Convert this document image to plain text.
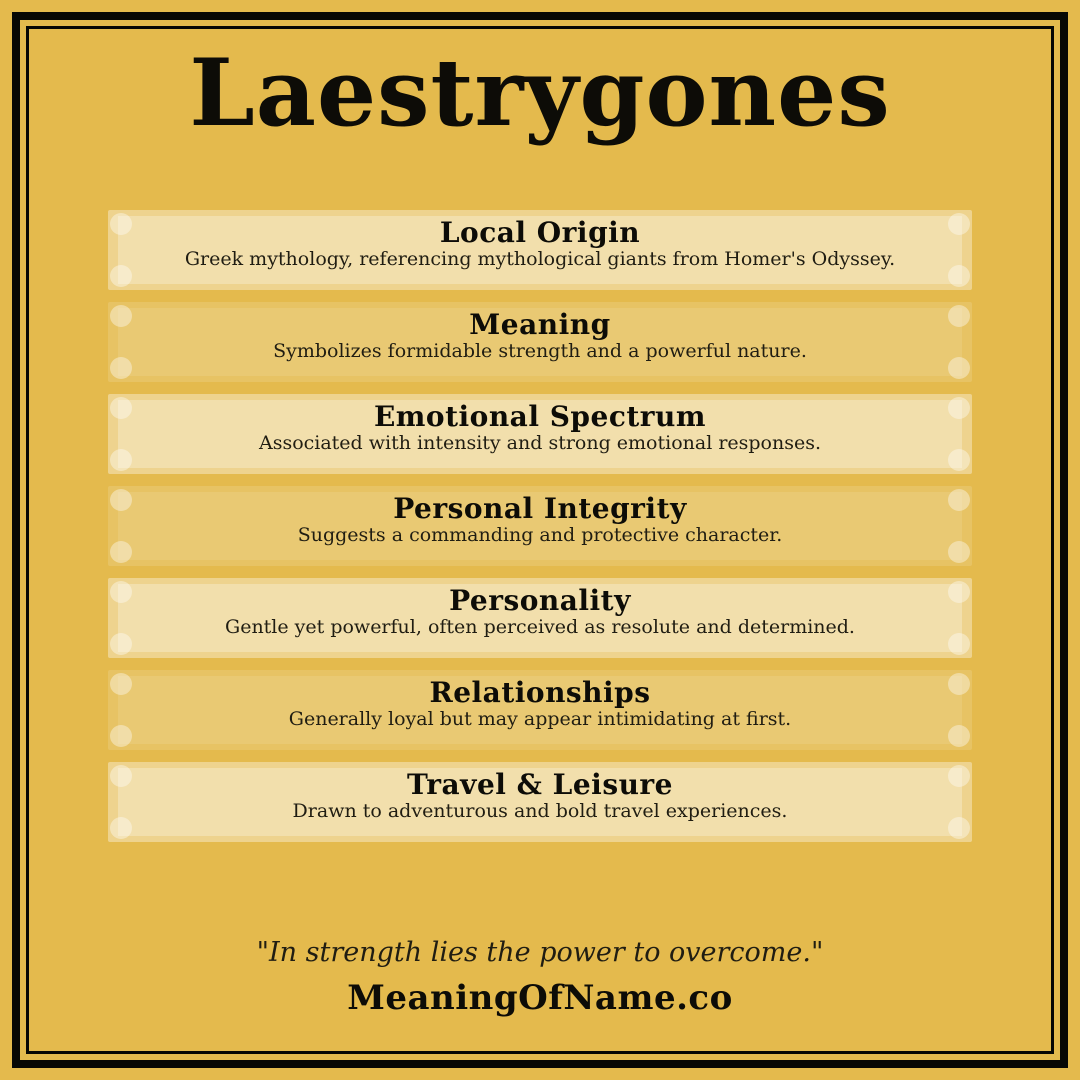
Laestrygones
Local Origin
Greek mythology, referencing mythological giants from Homer's Odyssey.
Meaning
Symbolizes formidable strength and a powerful nature.
Emotional Spectrum
Associated with intensity and strong emotional responses.
Personal Integrity
Suggests a commanding and protective character.
Personality
Gentle yet powerful, often perceived as resolute and determined.
Relationships
Generally loyal but may appear intimidating at first.
Travel & Leisure
Drawn to adventurous and bold travel experiences.
"In strength lies the power to overcome."
MeaningOfName.co
